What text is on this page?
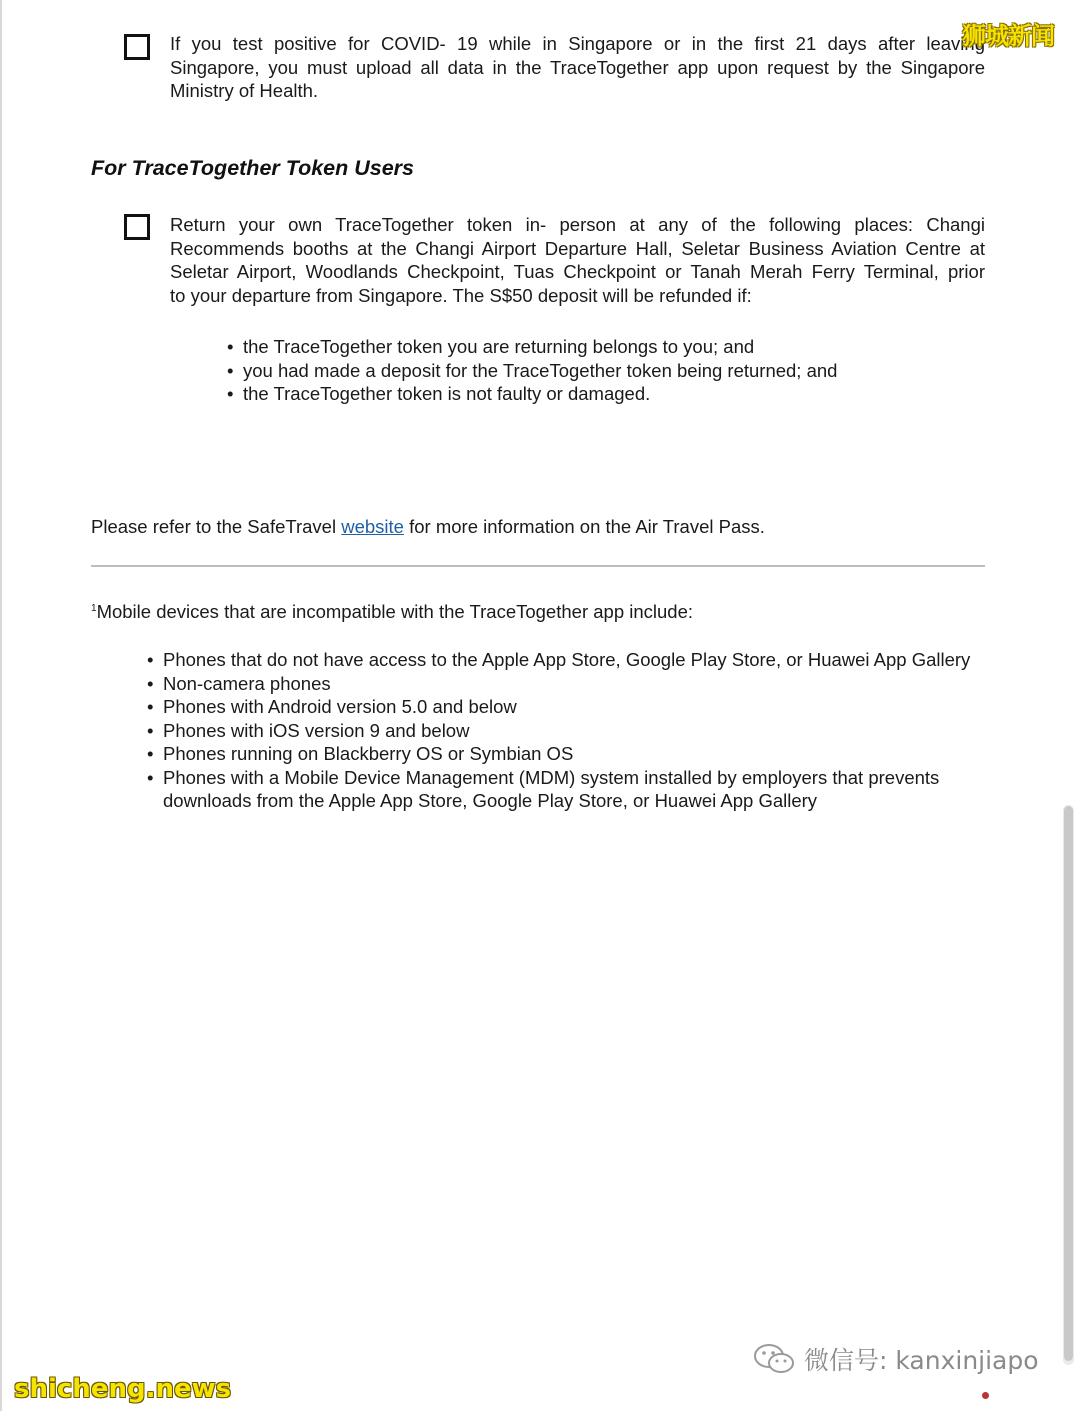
If you test positive for COVID- 19 while in Singapore or in the first 21 days after leaving
Singapore, you must upload all data in the TraceTogether app upon request by the Singapore
Ministry of Health.
For TraceTogether Token Users
Return your own TraceTogether token in- person at any of the following places: Changi
Recommends booths at the Changi Airport Departure Hall, Seletar Business Aviation Centre at
Seletar Airport, Woodlands Checkpoint, Tuas Checkpoint or Tanah Merah Ferry Terminal, prior
to your departure from Singapore. The S$50 deposit will be refunded if:
• the TraceTogether token you are returning belongs to you; and
• you had made a deposit for the TraceTogether token being returned; and
• the TraceTogether token is not faulty or damaged.
Please refer to the SafeTravel website for more information on the Air Travel Pass.
$^1$Mobile devices that are incompatible with the TraceTogether app include:
• Phones that do not have access to the Apple App Store, Google Play Store, or Huawei App Gallery
• Non-camera phones
• Phones with Android version 5.0 and below
• Phones with iOS version 9 and below
• Phones running on Blackberry OS or Symbian OS
• Phones with a Mobile Device Management (MDM) system installed by employers that prevents downloads from the Apple App Store, Google Play Store, or Huawei App Gallery
狮城新闻
shicheng.news
微信号: kanxinjiapo
